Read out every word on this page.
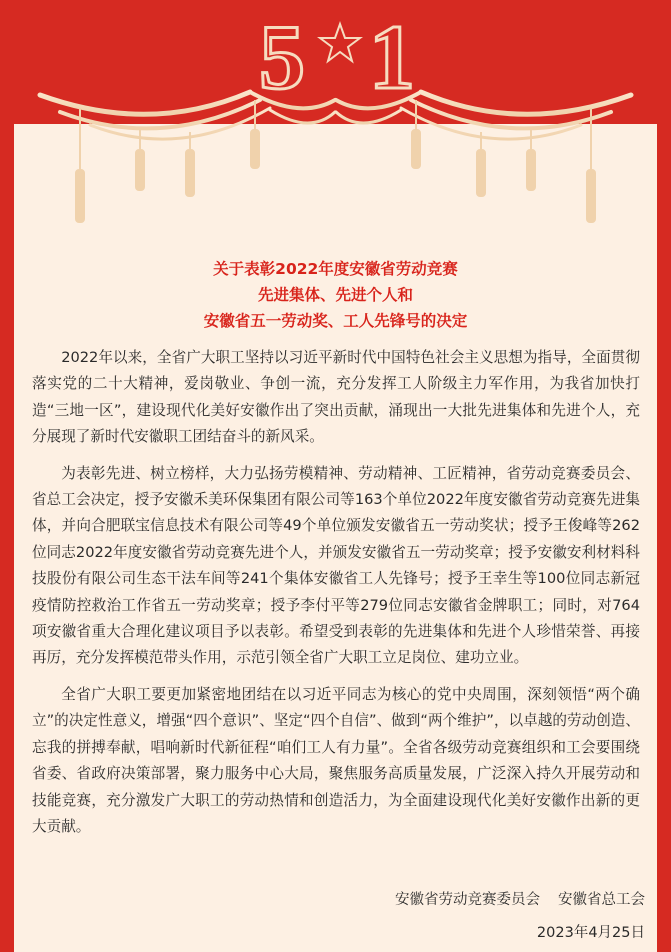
5 1
关于表彰2022年度安徽省劳动竞赛
先进集体、先进个人和
安徽省五一劳动奖、工人先锋号的决定

2022年以来，全省广大职工坚持以习近平新时代中国特色社会主义思想为指导，全面贯彻落实党的二十大精神，爱岗敬业、争创一流，充分发挥工人阶级主力军作用，为我省加快打造“三地一区”，建设现代化美好安徽作出了突出贡献，涌现出一大批先进集体和先进个人，充分展现了新时代安徽职工团结奋斗的新风采。

为表彰先进、树立榜样，大力弘扬劳模精神、劳动精神、工匠精神，省劳动竞赛委员会、省总工会决定，授予安徽禾美环保集团有限公司等163个单位2022年度安徽省劳动竞赛先进集体，并向合肥联宝信息技术有限公司等49个单位颁发安徽省五一劳动奖状；授予王俊峰等262位同志2022年度安徽省劳动竞赛先进个人，并颁发安徽省五一劳动奖章；授予安徽安利材料科技股份有限公司生态干法车间等241个集体安徽省工人先锋号；授予王幸生等100位同志新冠疫情防控救治工作省五一劳动奖章；授予李付平等279位同志安徽省金牌职工；同时，对764项安徽省重大合理化建议项目予以表彰。希望受到表彰的先进集体和先进个人珍惜荣誉、再接再厉，充分发挥模范带头作用，示范引领全省广大职工立足岗位、建功立业。

全省广大职工要更加紧密地团结在以习近平同志为核心的党中央周围，深刻领悟“两个确立”的决定性意义，增强“四个意识”、坚定“四个自信”、做到“两个维护”，以卓越的劳动创造、忘我的拼搏奉献，唱响新时代新征程“咱们工人有力量”。全省各级劳动竞赛组织和工会要围绕省委、省政府决策部署，聚力服务中心大局，聚焦服务高质量发展，广泛深入持久开展劳动和技能竞赛，充分激发广大职工的劳动热情和创造活力，为全面建设现代化美好安徽作出新的更大贡献。

安徽省劳动竞赛委员会 安徽省总工会
2023年4月25日
